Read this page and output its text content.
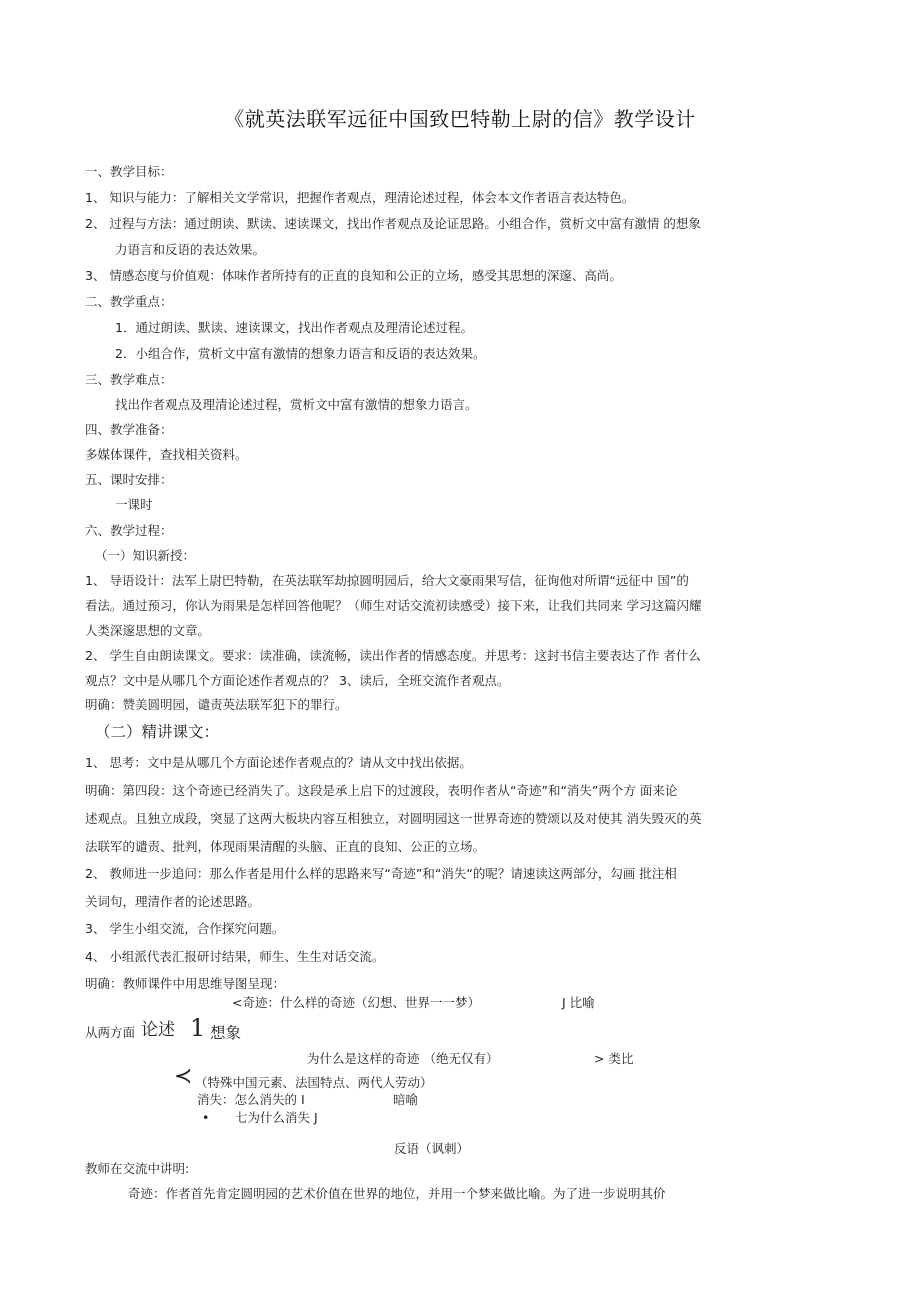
《就英法联军远征中国致巴特勒上尉的信》教学设计
一、教学目标：
1、 知识与能力：了解相关文学常识，把握作者观点，理清论述过程，体会本文作者语言表达特色。
2、 过程与方法：通过朗读、默读、速读课文，找出作者观点及论证思路。小组合作，赏析文中富有激情 的想象
力语言和反语的表达效果。
3、 情感态度与价值观：体味作者所持有的正直的良知和公正的立场，感受其思想的深邃、高尚。
二、教学重点：
1．通过朗读、默读、速读课文，找出作者观点及理清论述过程。
2．小组合作，赏析文中富有激情的想象力语言和反语的表达效果。
三、教学难点：
找出作者观点及理清论述过程，赏析文中富有激情的想象力语言。
四、教学准备：
多媒体课件，查找相关资料。
五、课时安排：
一课时
六、教学过程：
（一）知识新授：
1、 导语设计：法军上尉巴特勒，在英法联军劫掠圆明园后，给大文豪雨果写信，征询他对所谓“远征中 国”的
看法。通过预习，你认为雨果是怎样回答他呢？（师生对话交流初读感受）接下来，让我们共同来 学习这篇闪耀
人类深邃思想的文章。
2、 学生自由朗读课文。要求：读准确，读流畅，读出作者的情感态度。并思考：这封书信主要表达了作 者什么
观点？文中是从哪几个方面论述作者观点的？ 3、读后，全班交流作者观点。
明确：赞美圆明园，谴责英法联军犯下的罪行。
（二）精讲课文：
1、 思考：文中是从哪几个方面论述作者观点的？请从文中找出依据。
明确：第四段：这个奇迹已经消失了。这段是承上启下的过渡段，表明作者从“奇迹”和“消失”两个方 面来论
述观点。且独立成段，突显了这两大板块内容互相独立，对圆明园这一世界奇迹的赞颂以及对使其 消失毁灭的英
法联军的谴责、批判，体现雨果清醒的头脑、正直的良知、公正的立场。
2、 教师进一步追问：那么作者是用什么样的思路来写“奇迹”和“消失“的呢？请速读这两部分，勾画 批注相
关词句，理清作者的论述思路。
3、 学生小组交流，合作探究问题。
4、 小组派代表汇报研讨结果，师生、生生对话交流。
明确：教师课件中用思维导图呈现：
<奇迹：什么样的奇迹（幻想、世界一一梦）	J 比喻
从两方面 论述 1 想象
为什么是这样的奇迹 （绝无仅有）	> 类比
≺ （特殊中国元素、法国特点、两代人劳动）
消失：怎么消失的 I	暗喻
• 七为什么消失 J
反语（讽刺）
教师在交流中讲明:
奇迹：作者首先肯定圆明园的艺术价值在世界的地位，并用一个梦来做比喻。为了进一步说明其价
